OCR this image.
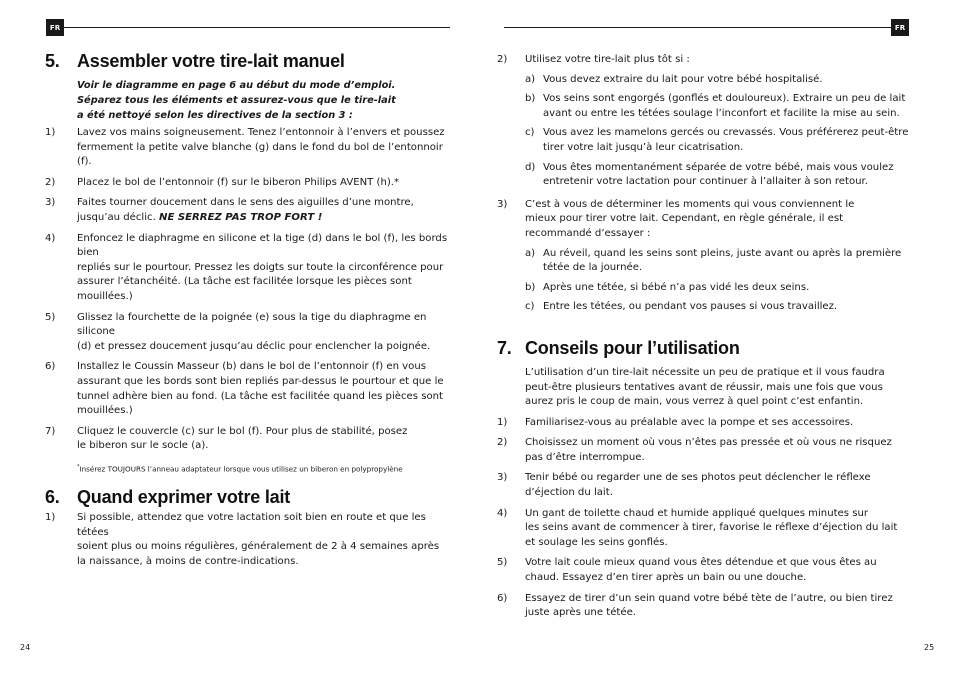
FR
5. Assembler votre tire-lait manuel
Voir le diagramme en page 6 au début du mode d’emploi.
Séparez tous les éléments et assurez-vous que le tire-lait
a été nettoyé selon les directives de la section 3 :
1)	Lavez vos mains soigneusement. Tenez l’entonnoir à l’envers et poussez
fermement la petite valve blanche (g) dans le fond du bol de l’entonnoir (f).
2)	Placez le bol de l’entonnoir (f) sur le biberon Philips AVENT (h).*
3)	Faites tourner doucement dans le sens des aiguilles d’une montre,
jusqu’au déclic. NE SERREZ PAS TROP FORT !
4)	Enfoncez le diaphragme en silicone et la tige (d) dans le bol (f), les bords bien
repliés sur le pourtour. Pressez les doigts sur toute la circonférence pour
assurer l’étanchéité. (La tâche est facilitée lorsque les pièces sont mouillées.)
5)	Glissez la fourchette de la poignée (e) sous la tige du diaphragme en silicone
(d) et pressez doucement jusqu’au déclic pour enclencher la poignée.
6)	Installez le Coussin Masseur (b) dans le bol de l’entonnoir (f) en vous
assurant que les bords sont bien repliés par-dessus le pourtour et que le
tunnel adhère bien au fond. (La tâche est facilitée quand les pièces sont
mouillées.)
7)	Cliquez le couvercle (c) sur le bol (f). Pour plus de stabilité, posez
le biberon sur le socle (a).
*Insérez TOUJOURS l’anneau adaptateur lorsque vous utilisez un biberon en polypropylène
6. Quand exprimer votre lait
1)	Si possible, attendez que votre lactation soit bien en route et que les tétées
soient plus ou moins régulières, généralement de 2 à 4 semaines après
la naissance, à moins de contre-indications.
24
FR
2)	Utilisez votre tire-lait plus tôt si :
a) Vous devez extraire du lait pour votre bébé hospitalisé.
b) Vos seins sont engorgés (gonflés et douloureux). Extraire un peu de lait
avant ou entre les tétées soulage l’inconfort et facilite la mise au sein.
c) Vous avez les mamelons gercés ou crevassés. Vous préférerez peut-être
tirer votre lait jusqu’à leur cicatrisation.
d) Vous êtes momentanément séparée de votre bébé, mais vous voulez
entretenir votre lactation pour continuer à l’allaiter à son retour.
3)	C’est à vous de déterminer les moments qui vous conviennent le
mieux pour tirer votre lait. Cependant, en règle générale, il est
recommandé d’essayer :
a) Au réveil, quand les seins sont pleins, juste avant ou après la première
tétée de la journée.
b) Après une tétée, si bébé n’a pas vidé les deux seins.
c) Entre les tétées, ou pendant vos pauses si vous travaillez.
7. Conseils pour l’utilisation
L’utilisation d’un tire-lait nécessite un peu de pratique et il vous faudra
peut-être plusieurs tentatives avant de réussir, mais une fois que vous
aurez pris le coup de main, vous verrez à quel point c’est enfantin.
1)	Familiarisez-vous au préalable avec la pompe et ses accessoires.
2)	Choisissez un moment où vous n’êtes pas pressée et où vous ne risquez
pas d’être interrompue.
3)	Tenir bébé ou regarder une de ses photos peut déclencher le réflexe
d’éjection du lait.
4)	Un gant de toilette chaud et humide appliqué quelques minutes sur
les seins avant de commencer à tirer, favorise le réflexe d’éjection du lait
et soulage les seins gonflés.
5)	Votre lait coule mieux quand vous êtes détendue et que vous êtes au
chaud. Essayez d’en tirer après un bain ou une douche.
6)	Essayez de tirer d’un sein quand votre bébé tète de l’autre, ou bien tirez
juste après une tétée.
25
